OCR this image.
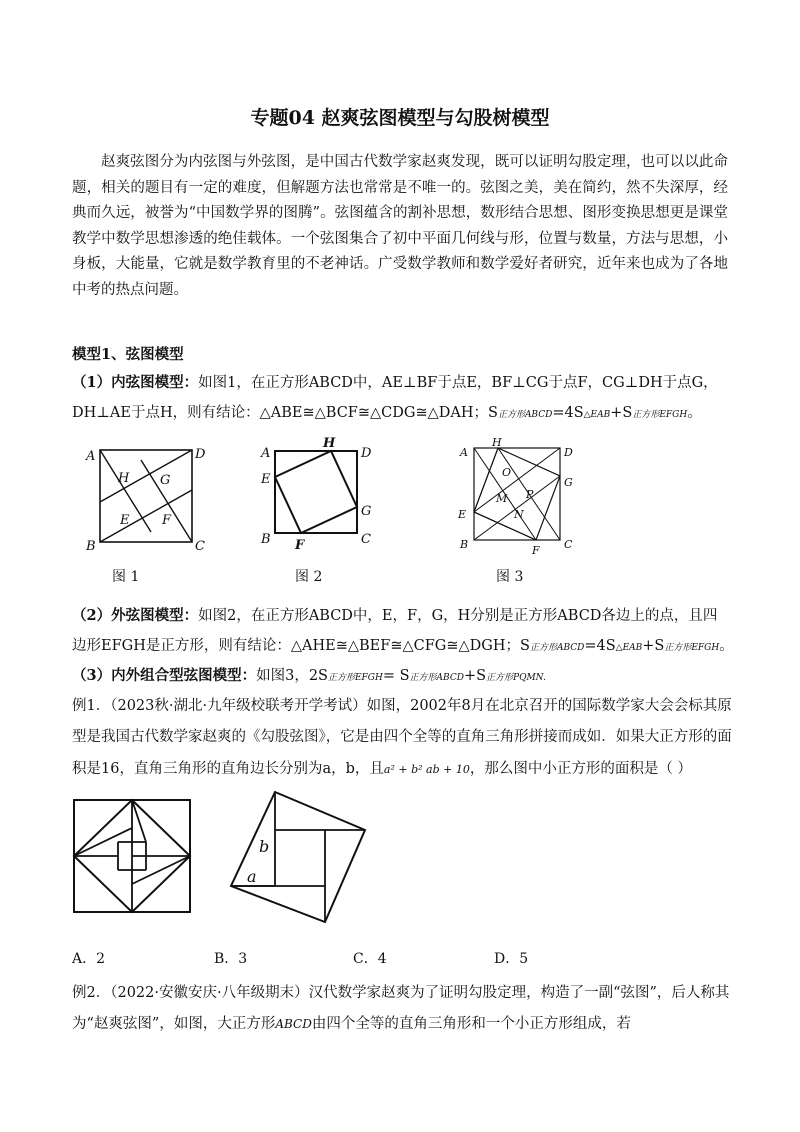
专题04 赵爽弦图模型与勾股树模型
赵爽弦图分为内弦图与外弦图，是中国古代数学家赵爽发现，既可以证明勾股定理，也可以以此命题，相关的题目有一定的难度，但解题方法也常常是不唯一的。弦图之美，美在简约，然不失深厚，经典而久远，被誉为“中国数学界的图腾”。弦图蕴含的割补思想，数形结合思想、图形变换思想更是课堂教学中数学思想渗透的绝佳载体。一个弦图集合了初中平面几何线与形，位置与数量，方法与思想，小身板，大能量，它就是数学教育里的不老神话。广受数学教师和数学爱好者研究，近年来也成为了各地中考的热点问题。
模型1、弦图模型
（1）内弦图模型：如图1，在正方形ABCD中，AE⊥BF于点E，BF⊥CG于点F，CG⊥DH于点G，
DH⊥AE于点H，则有结论：△ABE≅△BCF≅△CDG≅△DAH；S正方形ABCD=4S△EAB+S正方形EFGH。
A
B	C
D
E	F
G
H
图 1
H
A	D
E
G
B	C
F
图 2
A
H
D
G
E
B	F C
O
M P
N
图 3
（2）外弦图模型：如图2，在正方形ABCD中，E，F，G，H分别是正方形ABCD各边上的点，且四
边形EFGH是正方形，则有结论：△AHE≅△BEF≅△CFG≅△DGH；S正方形ABCD=4S△EAB+S正方形EFGH。
（3）内外组合型弦图模型：如图3，2S正方形EFGH= S正方形ABCD+S正方形PQMN.
例1．（2023秋·湖北·九年级校联考开学考试）如图，2002年8月在北京召开的国际数学家大会会标其原
型是我国古代数学家赵爽的《勾股弦图》，它是由四个全等的直角三角形拼接而成如．如果大正方形的面
积是16，直角三角形的直角边长分别为a，b，且a² + b² ab + 10，那么图中小正方形的面积是（ ）
b
a
A．2	B．3	C．4	D．5
例2．（2022·安徽安庆·八年级期末）汉代数学家赵爽为了证明勾股定理，构造了一副“弦图”，后人称其
为“赵爽弦图”，如图，大正方形ABCD由四个全等的直角三角形和一个小正方形组成，若
